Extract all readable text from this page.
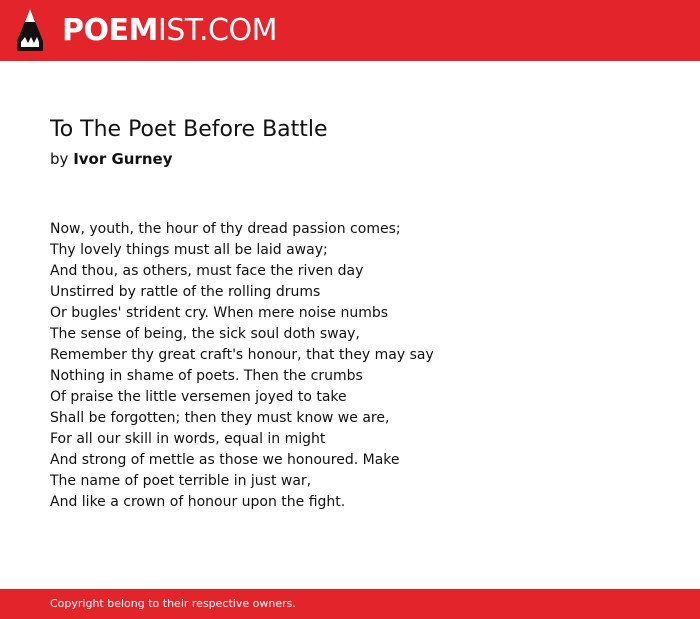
POEM IST.COM
To The Poet Before Battle
by Ivor Gurney
Now, youth, the hour of thy dread passion comes;
Thy lovely things must all be laid away;
And thou, as others, must face the riven day
Unstirred by rattle of the rolling drums
Or bugles' strident cry. When mere noise numbs
The sense of being, the sick soul doth sway,
Remember thy great craft's honour, that they may say
Nothing in shame of poets. Then the crumbs
Of praise the little versemen joyed to take
Shall be forgotten; then they must know we are,
For all our skill in words, equal in might
And strong of mettle as those we honoured. Make
The name of poet terrible in just war,
And like a crown of honour upon the fight.
Copyright belong to their respective owners.
